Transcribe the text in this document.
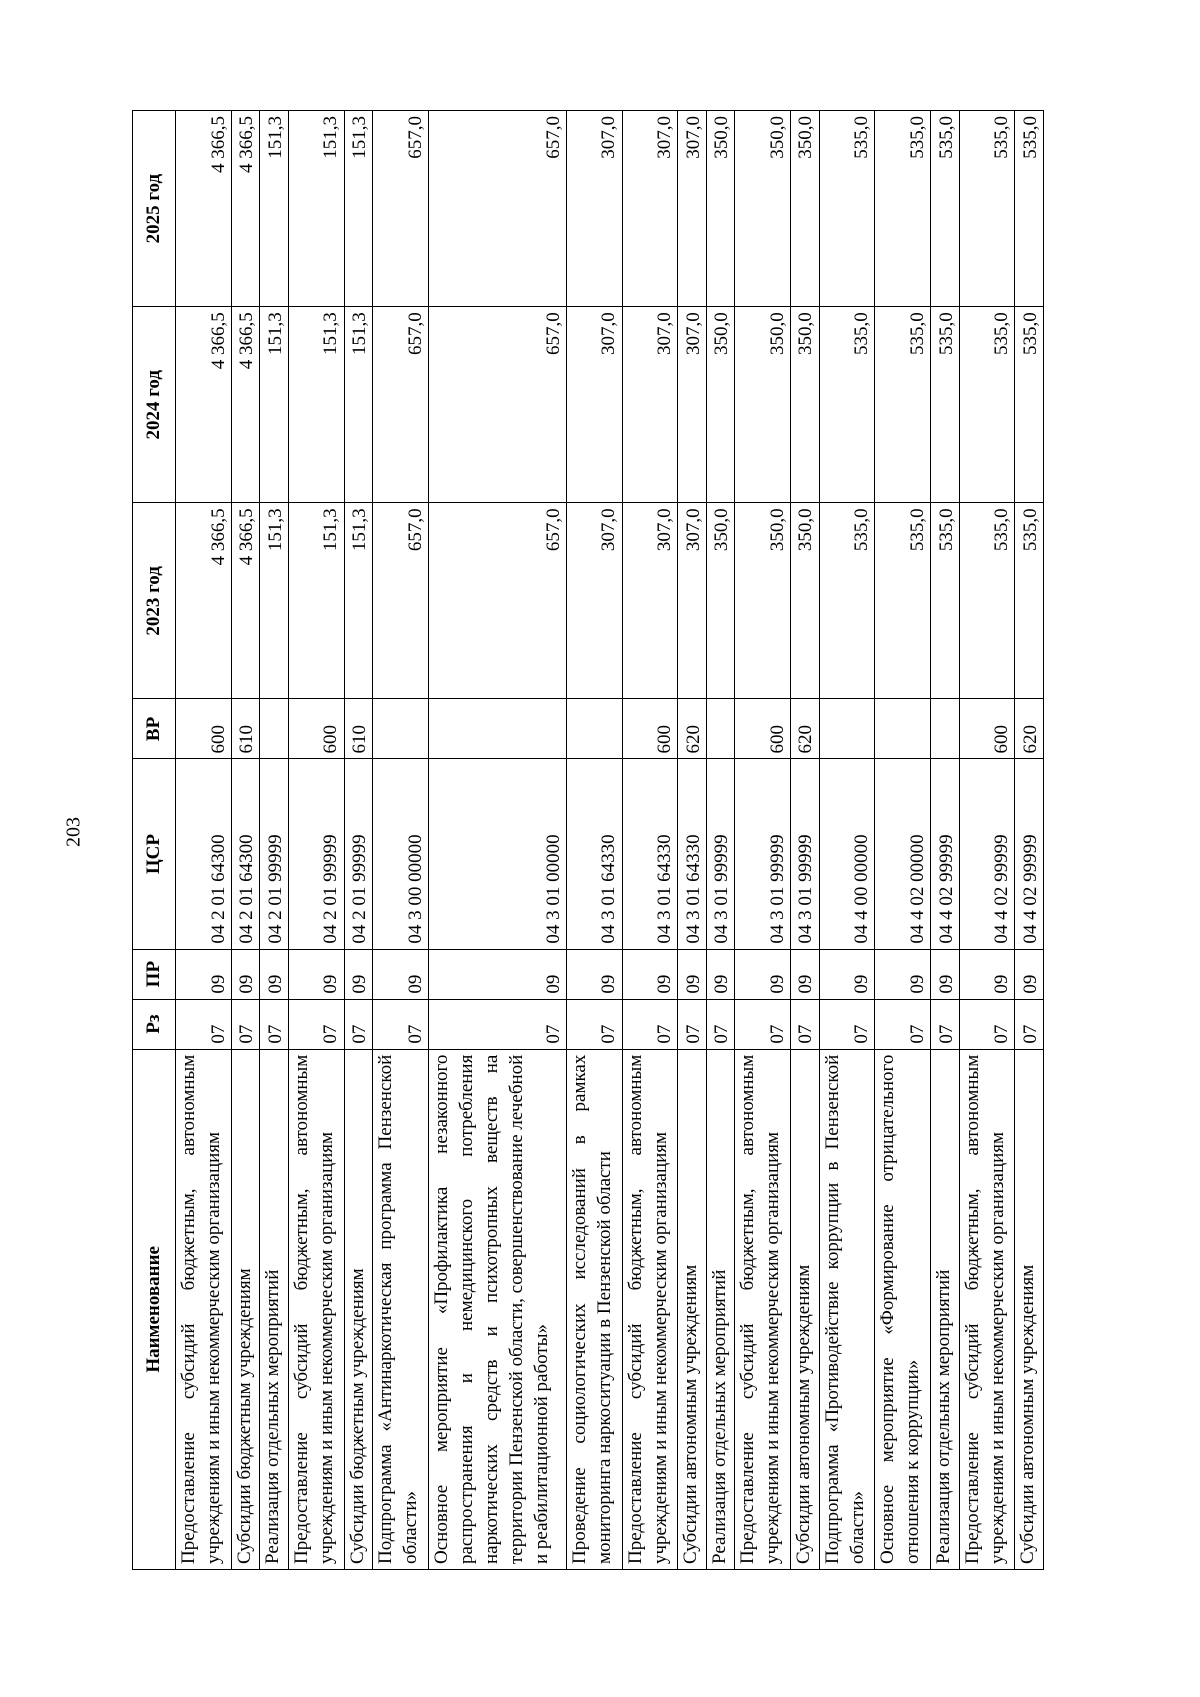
203
Наименование	Рз	ПР	ЦСР	ВР	2023 год	2024 год	2025 год
Предоставление субсидий бюджетным, автономным учреждениям и иным некоммерческим организациям	07	09	04 2 01 64300	600	4 366,5	4 366,5	4 366,5
Субсидии бюджетным учреждениям	07	09	04 2 01 64300	610	4 366,5	4 366,5	4 366,5
Реализация отдельных мероприятий	07	09	04 2 01 99999		151,3	151,3	151,3
Предоставление субсидий бюджетным, автономным учреждениям и иным некоммерческим организациям	07	09	04 2 01 99999	600	151,3	151,3	151,3
Субсидии бюджетным учреждениям	07	09	04 2 01 99999	610	151,3	151,3	151,3
Подпрограмма «Антинаркотическая программа Пензенской области»	07	09	04 3 00 00000		657,0	657,0	657,0
Основное мероприятие «Профилактика незаконного распространения и немедицинского потребления наркотических средств и психотропных веществ на территории Пензенской области, совершенствование лечебной и реабилитационной работы»	07	09	04 3 01 00000		657,0	657,0	657,0
Проведение социологических исследований в рамках мониторинга наркоситуации в Пензенской области	07	09	04 3 01 64330		307,0	307,0	307,0
Предоставление субсидий бюджетным, автономным учреждениям и иным некоммерческим организациям	07	09	04 3 01 64330	600	307,0	307,0	307,0
Субсидии автономным учреждениям	07	09	04 3 01 64330	620	307,0	307,0	307,0
Реализация отдельных мероприятий	07	09	04 3 01 99999		350,0	350,0	350,0
Предоставление субсидий бюджетным, автономным учреждениям и иным некоммерческим организациям	07	09	04 3 01 99999	600	350,0	350,0	350,0
Субсидии автономным учреждениям	07	09	04 3 01 99999	620	350,0	350,0	350,0
Подпрограмма «Противодействие коррупции в Пензенской области»	07	09	04 4 00 00000		535,0	535,0	535,0
Основное мероприятие «Формирование отрицательного отношения к коррупции»	07	09	04 4 02 00000		535,0	535,0	535,0
Реализация отдельных мероприятий	07	09	04 4 02 99999		535,0	535,0	535,0
Предоставление субсидий бюджетным, автономным учреждениям и иным некоммерческим организациям	07	09	04 4 02 99999	600	535,0	535,0	535,0
Субсидии автономным учреждениям	07	09	04 4 02 99999	620	535,0	535,0	535,0
